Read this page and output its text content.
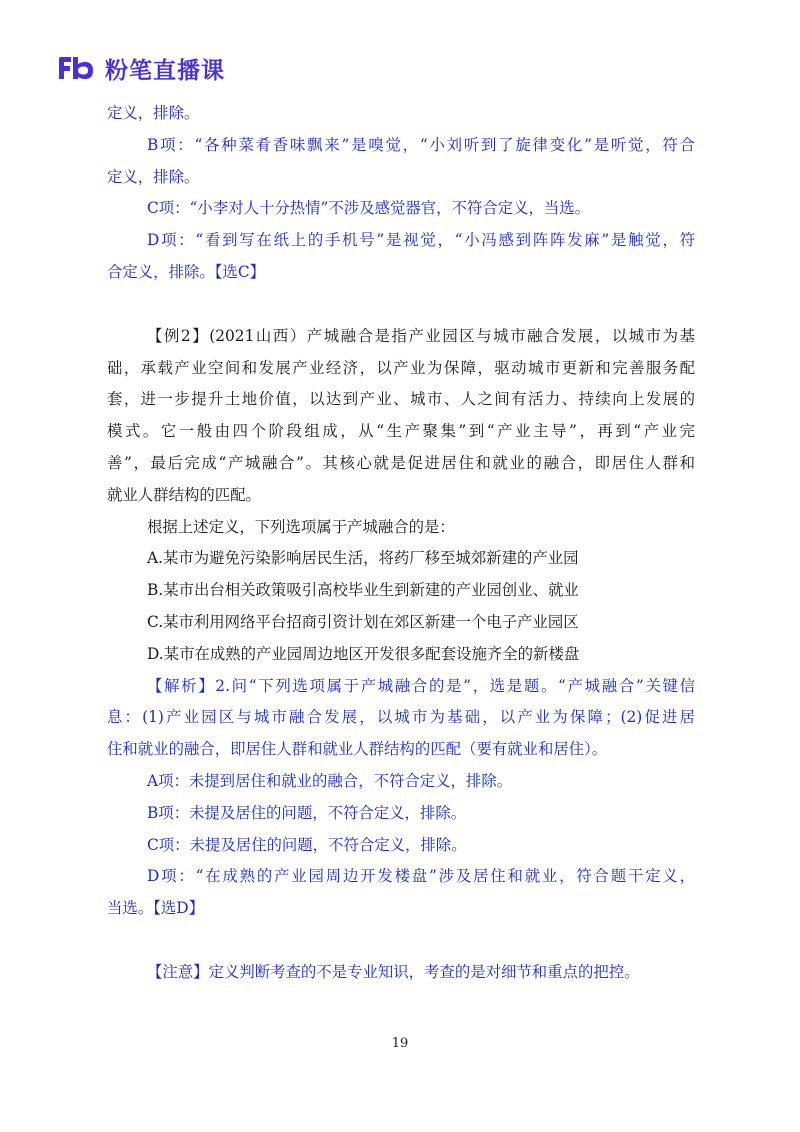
粉笔直播课
定义，排除。
B项：“各种菜肴香味飘来”是嗅觉，“小刘听到了旋律变化”是听觉，符合
定义，排除。
C项：“小李对人十分热情”不涉及感觉器官，不符合定义，当选。
D项：“看到写在纸上的手机号”是视觉，“小冯感到阵阵发麻”是触觉，符
合定义，排除。【选C】
【例2】(2021山西）产城融合是指产业园区与城市融合发展，以城市为基
础，承载产业空间和发展产业经济，以产业为保障，驱动城市更新和完善服务配
套，进一步提升土地价值，以达到产业、城市、人之间有活力、持续向上发展的
模式。它一般由四个阶段组成，从“生产聚集”到“产业主导”，再到“产业完
善”，最后完成“产城融合”。其核心就是促进居住和就业的融合，即居住人群和
就业人群结构的匹配。
根据上述定义，下列选项属于产城融合的是：
A.某市为避免污染影响居民生活，将药厂移至城郊新建的产业园
B.某市出台相关政策吸引高校毕业生到新建的产业园创业、就业
C.某市利用网络平台招商引资计划在郊区新建一个电子产业园区
D.某市在成熟的产业园周边地区开发很多配套设施齐全的新楼盘
【解析】2.问“下列选项属于产城融合的是”，选是题。“产城融合”关键信
息：(1)产业园区与城市融合发展，以城市为基础，以产业为保障；(2)促进居
住和就业的融合，即居住人群和就业人群结构的匹配（要有就业和居住）。
A项：未提到居住和就业的融合，不符合定义，排除。
B项：未提及居住的问题，不符合定义，排除。
C项：未提及居住的问题，不符合定义，排除。
D项：“在成熟的产业园周边开发楼盘”涉及居住和就业，符合题干定义，
当选。【选D】
【注意】定义判断考查的不是专业知识，考查的是对细节和重点的把控。
19
